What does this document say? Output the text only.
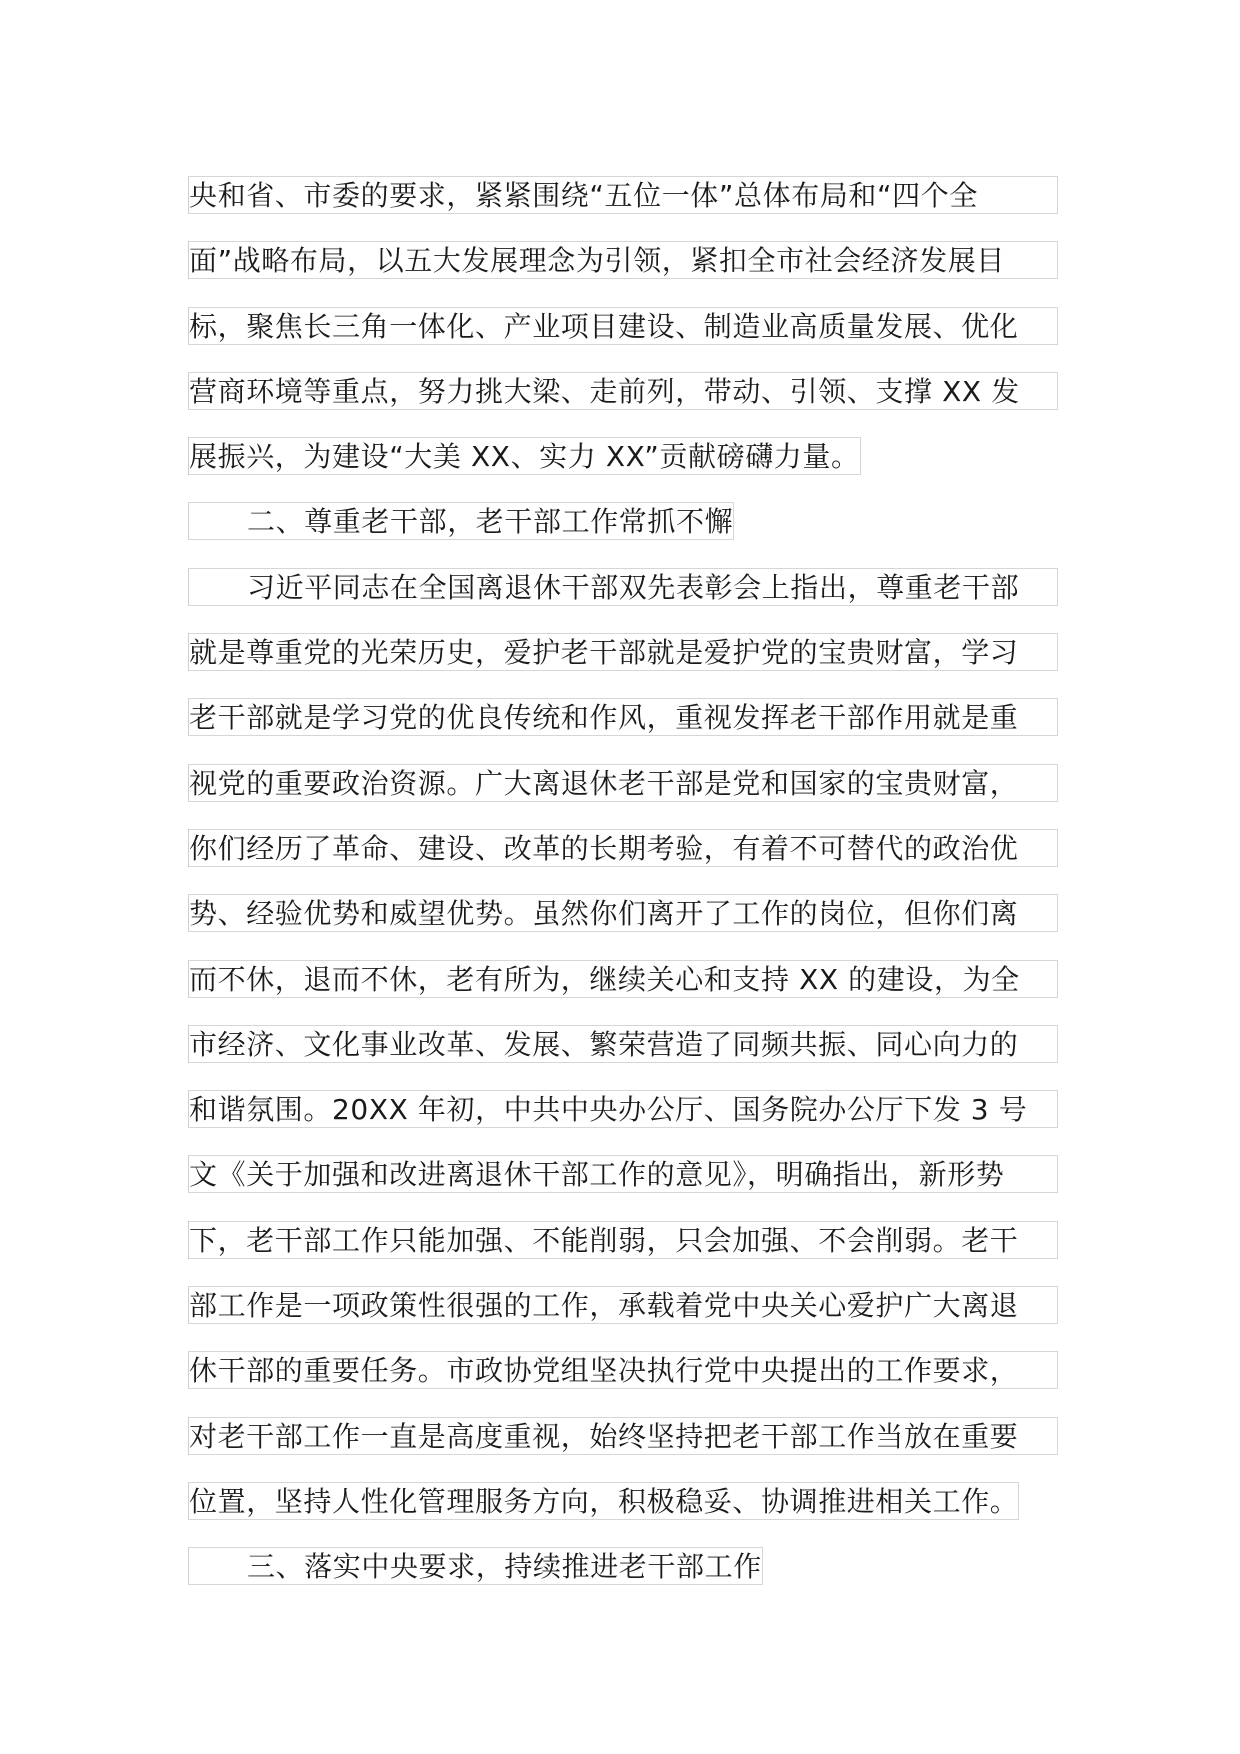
央和省、市委的要求，紧紧围绕“五位一体”总体布局和“四个全
面”战略布局，以五大发展理念为引领，紧扣全市社会经济发展目
标，聚焦长三角一体化、产业项目建设、制造业高质量发展、优化
营商环境等重点，努力挑大梁、走前列，带动、引领、支撑 XX 发
展振兴，为建设“大美 XX、实力 XX”贡献磅礴力量。
二、尊重老干部，老干部工作常抓不懈
习近平同志在全国离退休干部双先表彰会上指出，尊重老干部
就是尊重党的光荣历史，爱护老干部就是爱护党的宝贵财富，学习
老干部就是学习党的优良传统和作风，重视发挥老干部作用就是重
视党的重要政治资源。广大离退休老干部是党和国家的宝贵财富，
你们经历了革命、建设、改革的长期考验，有着不可替代的政治优
势、经验优势和威望优势。虽然你们离开了工作的岗位，但你们离
而不休，退而不休，老有所为，继续关心和支持 XX 的建设，为全
市经济、文化事业改革、发展、繁荣营造了同频共振、同心向力的
和谐氛围。20XX 年初，中共中央办公厅、国务院办公厅下发 3 号
文《关于加强和改进离退休干部工作的意见》，明确指出，新形势
下，老干部工作只能加强、不能削弱，只会加强、不会削弱。老干
部工作是一项政策性很强的工作，承载着党中央关心爱护广大离退
休干部的重要任务。市政协党组坚决执行党中央提出的工作要求，
对老干部工作一直是高度重视，始终坚持把老干部工作当放在重要
位置，坚持人性化管理服务方向，积极稳妥、协调推进相关工作。
三、落实中央要求，持续推进老干部工作
